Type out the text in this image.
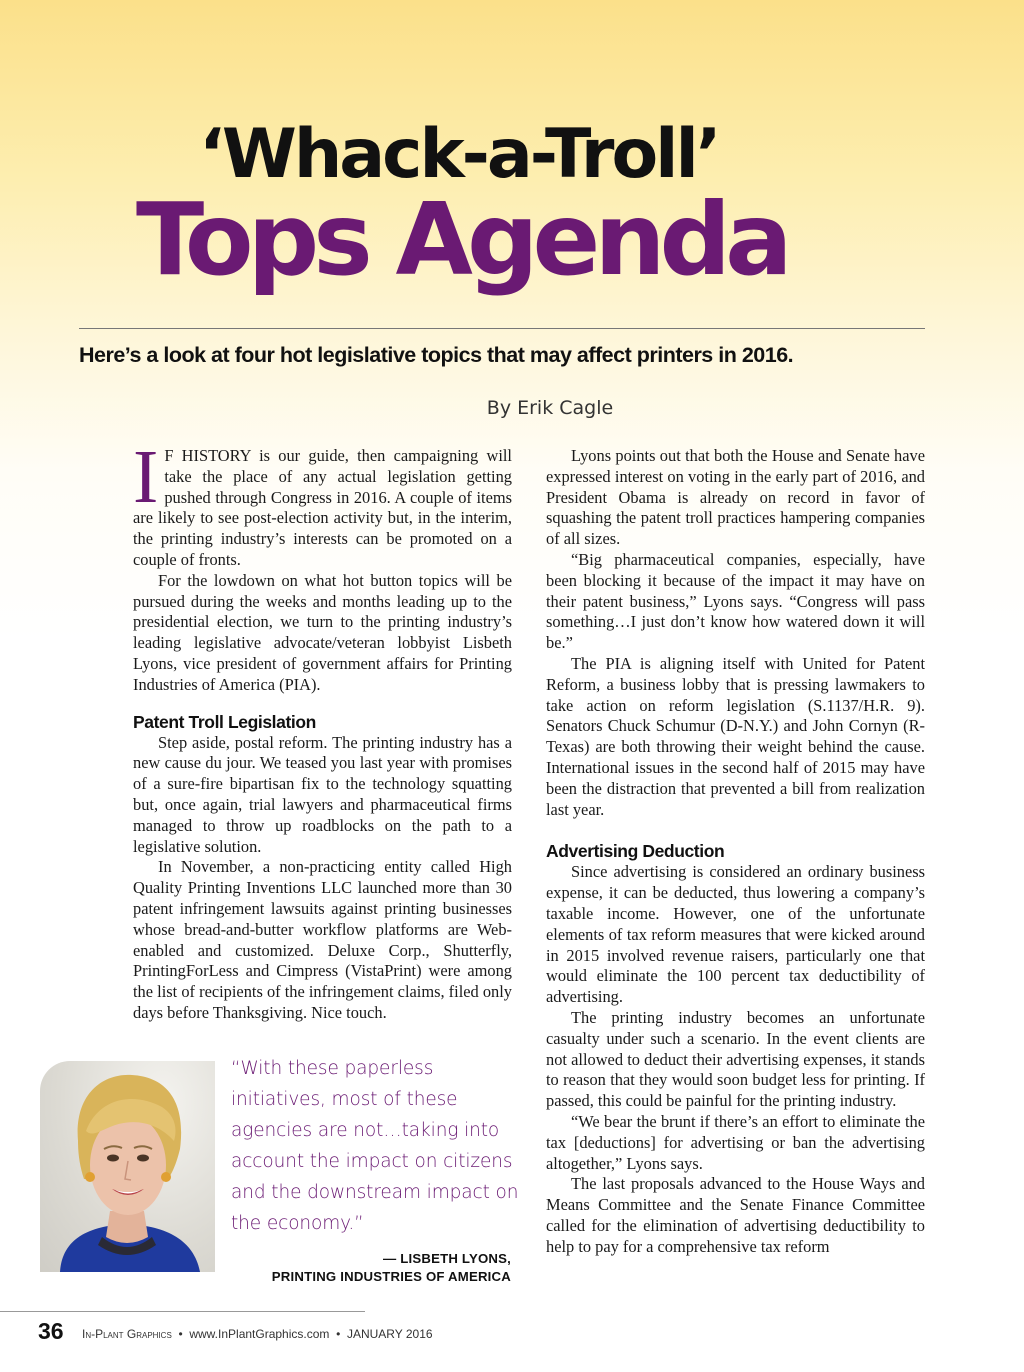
‘Whack-a-Troll’
Tops Agenda
Here’s a look at four hot legislative topics that may affect printers in 2016.
By Erik Cagle

I F HISTORY is our guide, then campaigning will take the place of any actual legislation getting pushed through Congress in 2016. A couple of items are likely to see post-election activity but, in the interim, the printing industry’s interests can be promoted on a couple of fronts.

For the lowdown on what hot button topics will be pursued during the weeks and months leading up to the presidential election, we turn to the printing industry’s leading legislative advocate/veteran lobbyist Lisbeth Lyons, vice president of government affairs for Printing Industries of America (PIA).

Patent Troll Legislation

Step aside, postal reform. The printing industry has a new cause du jour. We teased you last year with promises of a sure-fire bipartisan fix to the technology squatting but, once again, trial lawyers and pharmaceutical firms managed to throw up roadblocks on the path to a legislative solution.

In November, a non-practicing entity called High Quality Printing Inventions LLC launched more than 30 patent infringement lawsuits against printing businesses whose bread-and-butter workflow platforms are Web-enabled and customized. Deluxe Corp., Shutterfly, PrintingForLess and Cimpress (VistaPrint) were among the list of recipients of the infringement claims, filed only days before Thanksgiving. Nice touch.

Lyons points out that both the House and Senate have expressed interest on voting in the early part of 2016, and President Obama is already on record in favor of squashing the patent troll practices hampering companies of all sizes.

“Big pharmaceutical companies, especially, have been blocking it because of the impact it may have on their patent business,” Lyons says. “Congress will pass something…I just don’t know how watered down it will be.”

The PIA is aligning itself with United for Patent Reform, a business lobby that is pressing lawmakers to take action on reform legislation (S.1137/H.R. 9). Senators Chuck Schumur (D-N.Y.) and John Cornyn (R-Texas) are both throwing their weight behind the cause. International issues in the second half of 2015 may have been the distraction that prevented a bill from realization last year.

Advertising Deduction

Since advertising is considered an ordinary business expense, it can be deducted, thus lowering a company’s taxable income. However, one of the unfortunate elements of tax reform measures that were kicked around in 2015 involved revenue raisers, particularly one that would eliminate the 100 percent tax deductibility of advertising.

The printing industry becomes an unfortunate casualty under such a scenario. In the event clients are not allowed to deduct their advertising expenses, it stands to reason that they would soon budget less for printing. If passed, this could be painful for the printing industry.

“We bear the brunt if there’s an effort to eliminate the tax [deductions] for advertising or ban the advertising altogether,” Lyons says.

The last proposals advanced to the House Ways and Means Committee and the Senate Finance Committee called for the elimination of advertising deductibility to help to pay for a comprehensive tax reform

“With these paperless initiatives, most of these agencies are not…taking into account the impact on citizens and the downstream impact on the economy.”
— LISBETH LYONS,
PRINTING INDUSTRIES OF AMERICA
36 In-Plant Graphics • www.InPlantGraphics.com • JANUARY 2016
